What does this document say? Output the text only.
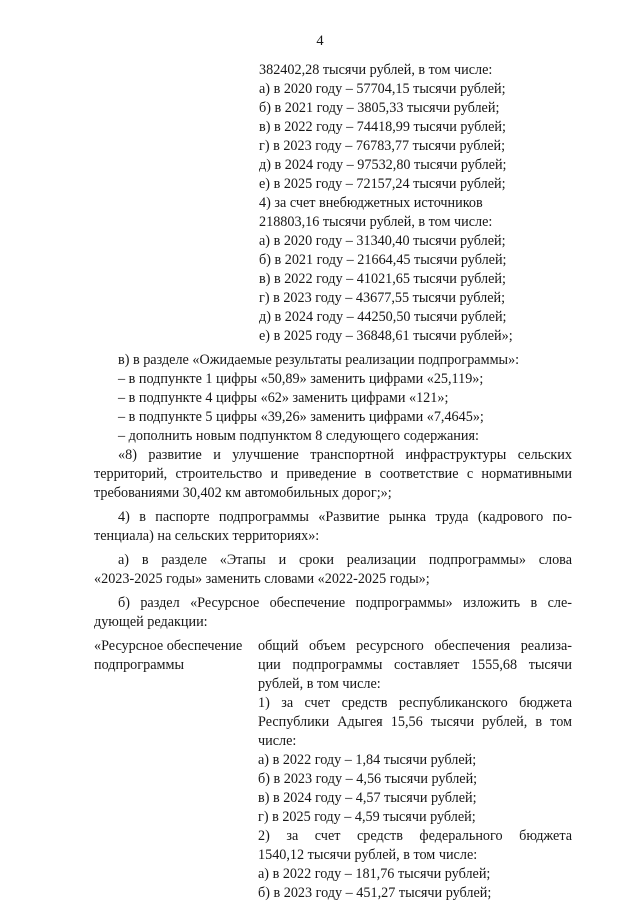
4
382402,28 тысячи рублей, в том числе:
а) в 2020 году – 57704,15 тысячи рублей;
б) в 2021 году – 3805,33 тысячи рублей;
в) в 2022 году – 74418,99 тысячи рублей;
г) в 2023 году – 76783,77 тысячи рублей;
д) в 2024 году – 97532,80 тысячи рублей;
е) в 2025 году – 72157,24 тысячи рублей;
4) за счет внебюджетных источников
218803,16 тысячи рублей, в том числе:
а) в 2020 году – 31340,40 тысячи рублей;
б) в 2021 году – 21664,45 тысячи рублей;
в) в 2022 году – 41021,65 тысячи рублей;
г) в 2023 году – 43677,55 тысячи рублей;
д) в 2024 году – 44250,50 тысячи рублей;
е) в 2025 году – 36848,61 тысячи рублей»;
в) в разделе «Ожидаемые результаты реализации подпрограммы»:
– в подпункте 1 цифры «50,89» заменить цифрами «25,119»;
– в подпункте 4 цифры «62» заменить цифрами «121»;
– в подпункте 5 цифры «39,26» заменить цифрами «7,4645»;
– дополнить новым подпунктом 8 следующего содержания:
«8) развитие и улучшение транспортной инфраструктуры сельских
территорий, строительство и приведение в соответствие с нормативными
требованиями 30,402 км автомобильных дорог;»;
4) в паспорте подпрограммы «Развитие рынка труда (кадрового по-
тенциала) на сельских территориях»:
а) в разделе «Этапы и сроки реализации подпрограммы» слова
«2023-2025 годы» заменить словами «2022-2025 годы»;
б) раздел «Ресурсное обеспечение подпрограммы» изложить в сле-
дующей редакции:
«Ресурсное обеспечение
подпрограммы
общий объем ресурсного обеспечения реализа-
ции подпрограммы составляет 1555,68 тысячи
рублей, в том числе:
1) за счет средств республиканского бюджета
Республики Адыгея 15,56 тысячи рублей, в том
числе:
а) в 2022 году – 1,84 тысячи рублей;
б) в 2023 году – 4,56 тысячи рублей;
в) в 2024 году – 4,57 тысячи рублей;
г) в 2025 году – 4,59 тысячи рублей;
2) за счет средств федерального бюджета
1540,12 тысячи рублей, в том числе:
а) в 2022 году – 181,76 тысячи рублей;
б) в 2023 году – 451,27 тысячи рублей;
